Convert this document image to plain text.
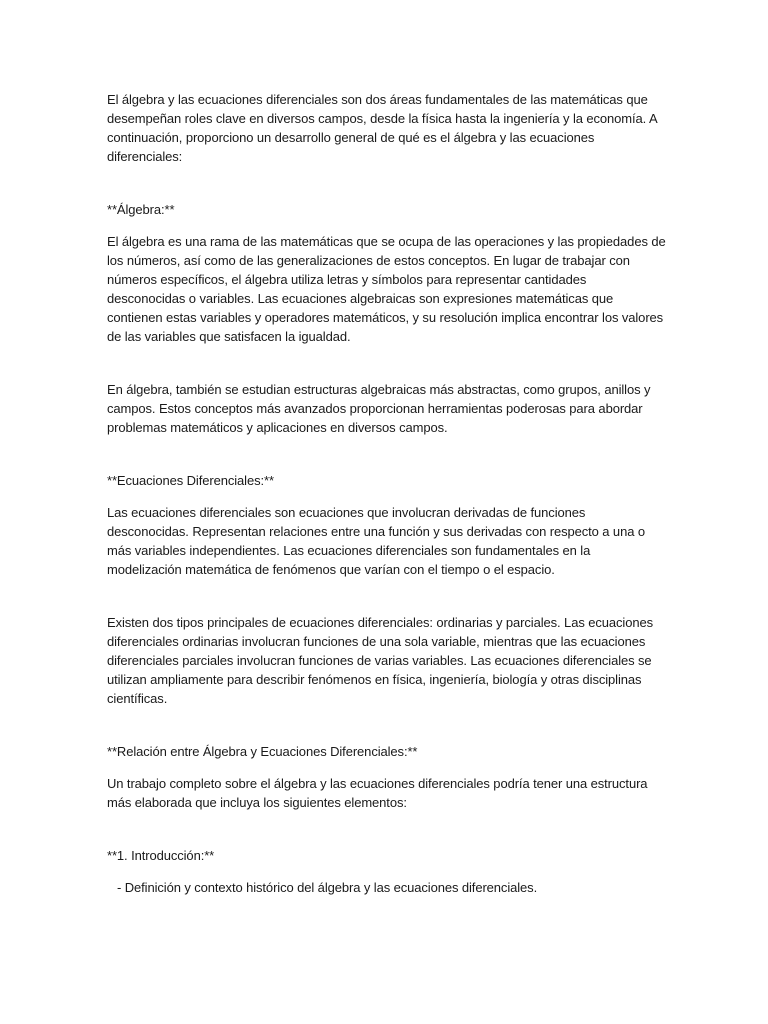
El álgebra y las ecuaciones diferenciales son dos áreas fundamentales de las matemáticas que desempeñan roles clave en diversos campos, desde la física hasta la ingeniería y la economía. A continuación, proporciono un desarrollo general de qué es el álgebra y las ecuaciones diferenciales:

**Álgebra:**

El álgebra es una rama de las matemáticas que se ocupa de las operaciones y las propiedades de los números, así como de las generalizaciones de estos conceptos. En lugar de trabajar con números específicos, el álgebra utiliza letras y símbolos para representar cantidades desconocidas o variables. Las ecuaciones algebraicas son expresiones matemáticas que contienen estas variables y operadores matemáticos, y su resolución implica encontrar los valores de las variables que satisfacen la igualdad.

En álgebra, también se estudian estructuras algebraicas más abstractas, como grupos, anillos y campos. Estos conceptos más avanzados proporcionan herramientas poderosas para abordar problemas matemáticos y aplicaciones en diversos campos.

**Ecuaciones Diferenciales:**

Las ecuaciones diferenciales son ecuaciones que involucran derivadas de funciones desconocidas. Representan relaciones entre una función y sus derivadas con respecto a una o más variables independientes. Las ecuaciones diferenciales son fundamentales en la modelización matemática de fenómenos que varían con el tiempo o el espacio.

Existen dos tipos principales de ecuaciones diferenciales: ordinarias y parciales. Las ecuaciones diferenciales ordinarias involucran funciones de una sola variable, mientras que las ecuaciones diferenciales parciales involucran funciones de varias variables. Las ecuaciones diferenciales se utilizan ampliamente para describir fenómenos en física, ingeniería, biología y otras disciplinas científicas.

**Relación entre Álgebra y Ecuaciones Diferenciales:**

Un trabajo completo sobre el álgebra y las ecuaciones diferenciales podría tener una estructura más elaborada que incluya los siguientes elementos:

**1. Introducción:**

- Definición y contexto histórico del álgebra y las ecuaciones diferenciales.
